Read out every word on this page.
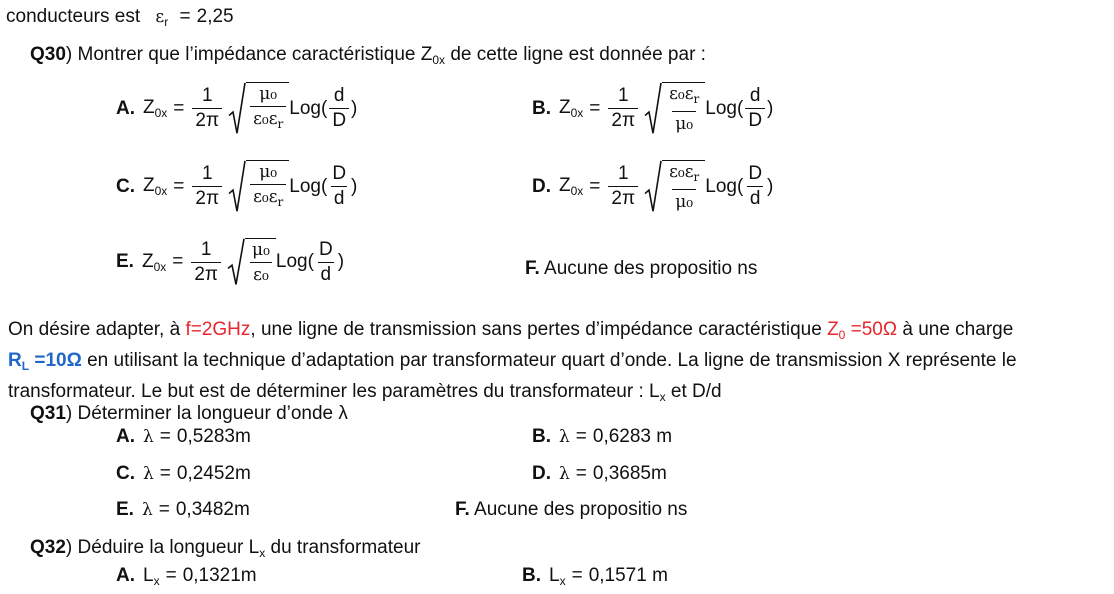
conducteurs est $\varepsilon_r = 2,25$
Q30) Montrer que l’impédance caractéristique $Z_{0x}$ de cette ligne est donnée par :
A. $Z_{0x} = \frac{1}{2\pi} \frac{\text{μ₀}}{\varepsilon_0\varepsilon_r} Log( \frac{d}{D}$ )	B. $Z_{0x} = \frac{1}{2\pi} \frac{\varepsilon_0\varepsilon_r}{\text{μ₀}} Log( \frac{d}{D}$ )
C. $Z_{0x} = \frac{1}{2\pi} \frac{\text{μ₀}}{\varepsilon_0\varepsilon_r} Log( \frac{D}{d}$ )	D. $Z_{0x} = \frac{1}{2\pi} \frac{\varepsilon_0\varepsilon_r}{\text{μ₀}} Log( \frac{D}{d}$ )
E. $Z_{0x} = \frac{1}{2\pi} \frac{\text{μ₀}}{\text{ε₀}} Log( \frac{D}{d}$ )	F. Aucune des propositio ns
On désire adapter, à f=2GHz, une ligne de transmission sans pertes d’impédance caractéristique $Z_0 =50\Omega$ à une charge
$R_L =10\Omega$ en utilisant la technique d’adaptation par transformateur quart d’onde. La ligne de transmission X représente le
transformateur. Le but est de déterminer les paramètres du transformateur : $L_x$ et D/d
Q31) Déterminer la longueur d’onde λ
A. λ = 0,5283m	B. λ = 0,6283 m
C. λ = 0,2452m	D. λ = 0,3685m
E. λ = 0,3482m	F. Aucune des propositio ns
Q32) Déduire la longueur $L_x$ du transformateur
A. $L_x = 0,1321m$	B. $L_x = 0,1571$ m
